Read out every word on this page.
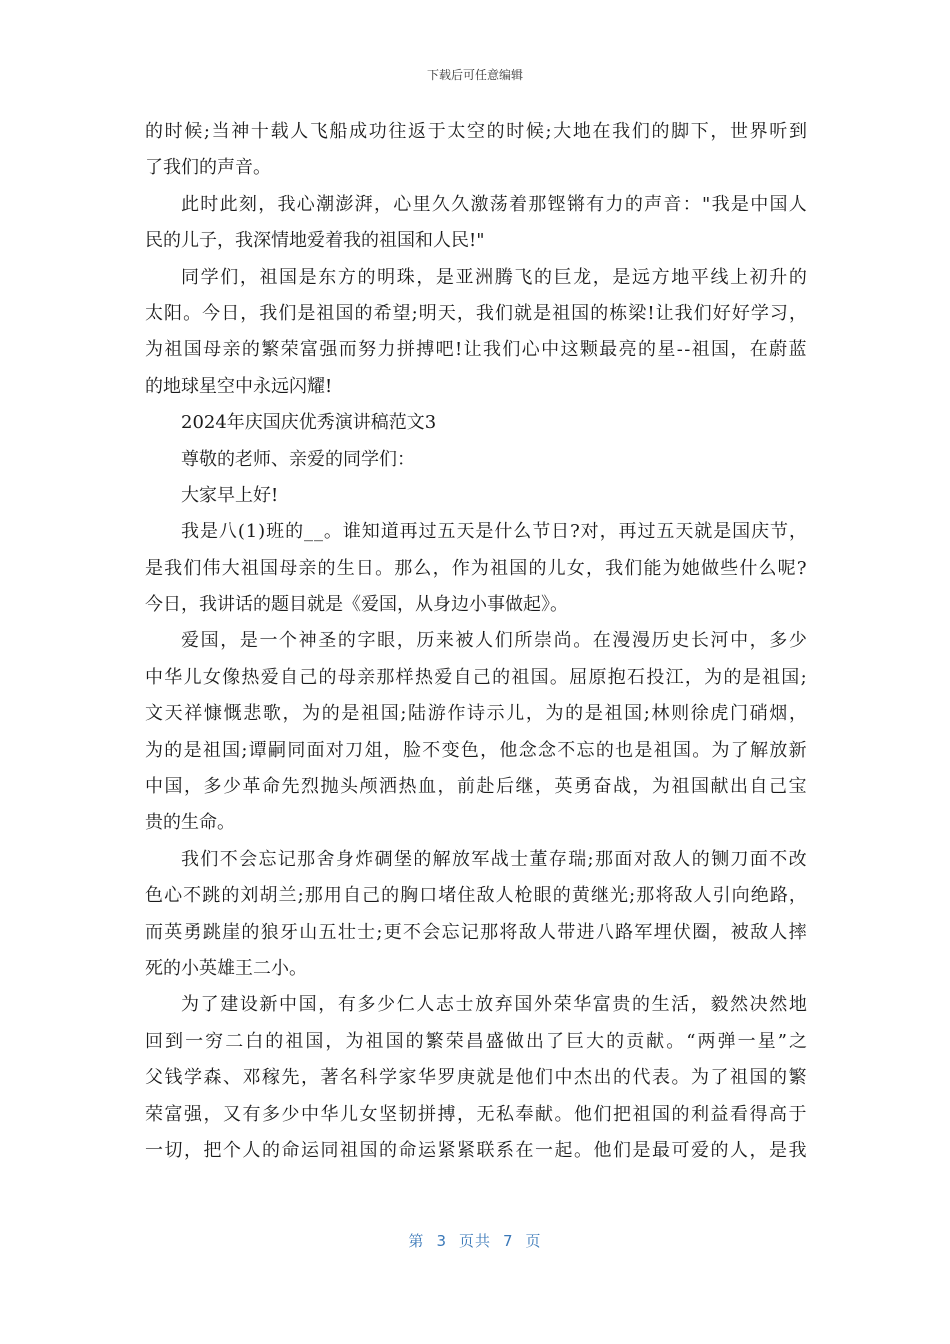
下载后可任意编辑
的 时 候 ; 当 神 十 载 人 飞 船 成 功 往 返 于 太 空 的 时 候 ; 大 地 在 我 们 的 脚 下 ， 世 界 听 到
了我们的声音。
此 时 此 刻 ， 我 心 潮 澎 湃 ， 心 里 久 久 激 荡 着 那 铿 锵 有 力 的 声 音 ： " 我 是 中 国 人
民的儿子，我深情地爱着我的祖国和人民!"
同 学 们 ， 祖 国 是 东 方 的 明 珠 ， 是 亚 洲 腾 飞 的 巨 龙 ， 是 远 方 地 平 线 上 初 升 的
太 阳 。 今 日 ， 我 们 是 祖 国 的 希 望 ; 明 天 ， 我 们 就 是 祖 国 的 栋 梁 ! 让 我 们 好 好 学 习 ，
为 祖 国 母 亲 的 繁 荣 富 强 而 努 力 拼 搏 吧 ! 让 我 们 心 中 这 颗 最 亮 的 星 - - 祖 国 ， 在 蔚 蓝
的地球星空中永远闪耀!
2024年庆国庆优秀演讲稿范文3
尊敬的老师、亲爱的同学们：
大家早上好!
我 是 八 ( 1 ) 班 的 _ _ 。 谁 知 道 再 过 五 天 是 什 么 节 日 ? 对 ， 再 过 五 天 就 是 国 庆 节 ，
是 我 们 伟 大 祖 国 母 亲 的 生 日 。 那 么 ， 作 为 祖 国 的 儿 女 ， 我 们 能 为 她 做 些 什 么 呢 ?
今日，我讲话的题目就是《爱国，从身边小事做起》。
爱 国 ， 是 一 个 神 圣 的 字 眼 ， 历 来 被 人 们 所 崇 尚 。 在 漫 漫 历 史 长 河 中 ， 多 少
中 华 儿 女 像 热 爱 自 己 的 母 亲 那 样 热 爱 自 己 的 祖 国 。 屈 原 抱 石 投 江 ， 为 的 是 祖 国 ;
文 天 祥 慷 慨 悲 歌 ， 为 的 是 祖 国 ; 陆 游 作 诗 示 儿 ， 为 的 是 祖 国 ; 林 则 徐 虎 门 硝 烟 ，
为 的 是 祖 国 ; 谭 嗣 同 面 对 刀 俎 ， 脸 不 变 色 ， 他 念 念 不 忘 的 也 是 祖 国 。 为 了 解 放 新
中 国 ， 多 少 革 命 先 烈 抛 头 颅 洒 热 血 ， 前 赴 后 继 ， 英 勇 奋 战 ， 为 祖 国 献 出 自 己 宝
贵的生命。
我 们 不 会 忘 记 那 舍 身 炸 碉 堡 的 解 放 军 战 士 董 存 瑞 ; 那 面 对 敌 人 的 铡 刀 面 不 改
色 心 不 跳 的 刘 胡 兰 ; 那 用 自 己 的 胸 口 堵 住 敌 人 枪 眼 的 黄 继 光 ; 那 将 敌 人 引 向 绝 路 ，
而 英 勇 跳 崖 的 狼 牙 山 五 壮 士 ; 更 不 会 忘 记 那 将 敌 人 带 进 八 路 军 埋 伏 圈 ， 被 敌 人 摔
死的小英雄王二小。
为 了 建 设 新 中 国 ， 有 多 少 仁 人 志 士 放 弃 国 外 荣 华 富 贵 的 生 活 ， 毅 然 决 然 地
回 到 一 穷 二 白 的 祖 国 ， 为 祖 国 的 繁 荣 昌 盛 做 出 了 巨 大 的 贡 献 。 “ 两 弹 一 星 ” 之
父 钱 学 森 、 邓 稼 先 ， 著 名 科 学 家 华 罗 庚 就 是 他 们 中 杰 出 的 代 表 。 为 了 祖 国 的 繁
荣 富 强 ， 又 有 多 少 中 华 儿 女 坚 韧 拼 搏 ， 无 私 奉 献 。 他 们 把 祖 国 的 利 益 看 得 高 于
一 切 ， 把 个 人 的 命 运 同 祖 国 的 命 运 紧 紧 联 系 在 一 起 。 他 们 是 最 可 爱 的 人 ， 是 我
第 3 页共 7 页
